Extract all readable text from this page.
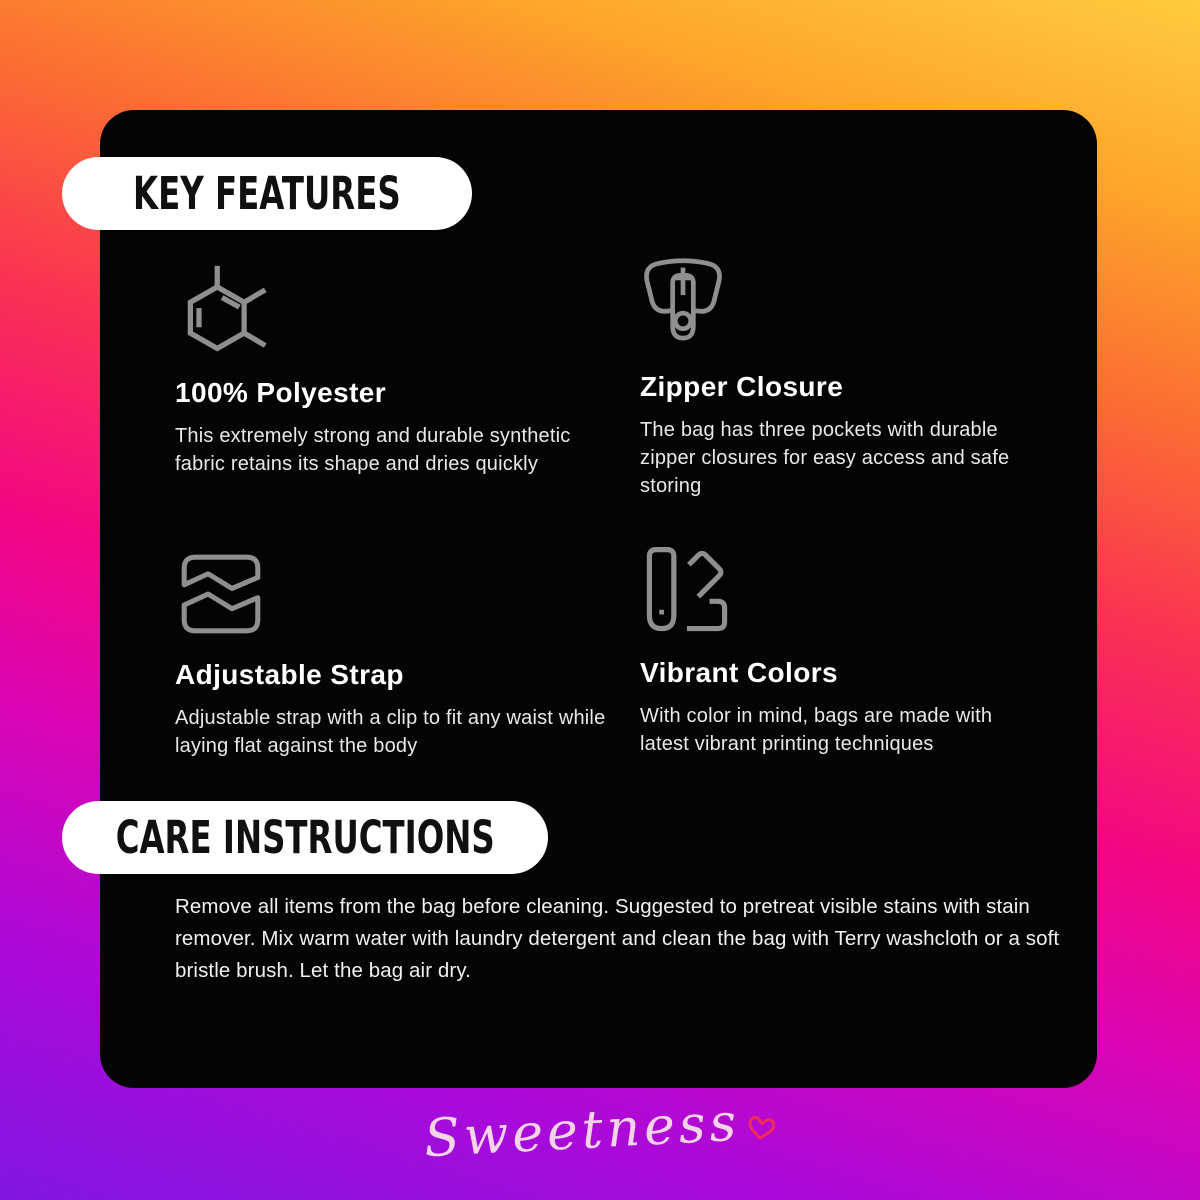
KEY FEATURES
100% Polyester

This extremely strong and durable synthetic fabric retains its shape and dries quickly

Zipper Closure

The bag has three pockets with durable zipper closures for easy access and safe storing

Adjustable Strap

Adjustable strap with a clip to fit any waist while laying flat against the body

Vibrant Colors

With color in mind, bags are made with latest vibrant printing techniques

CARE INSTRUCTIONS

Remove all items from the bag before cleaning. Suggested to pretreat visible stains with stain remover. Mix warm water with laundry detergent and clean the bag with Terry washcloth or a soft bristle brush. Let the bag air dry.

Sweetness
